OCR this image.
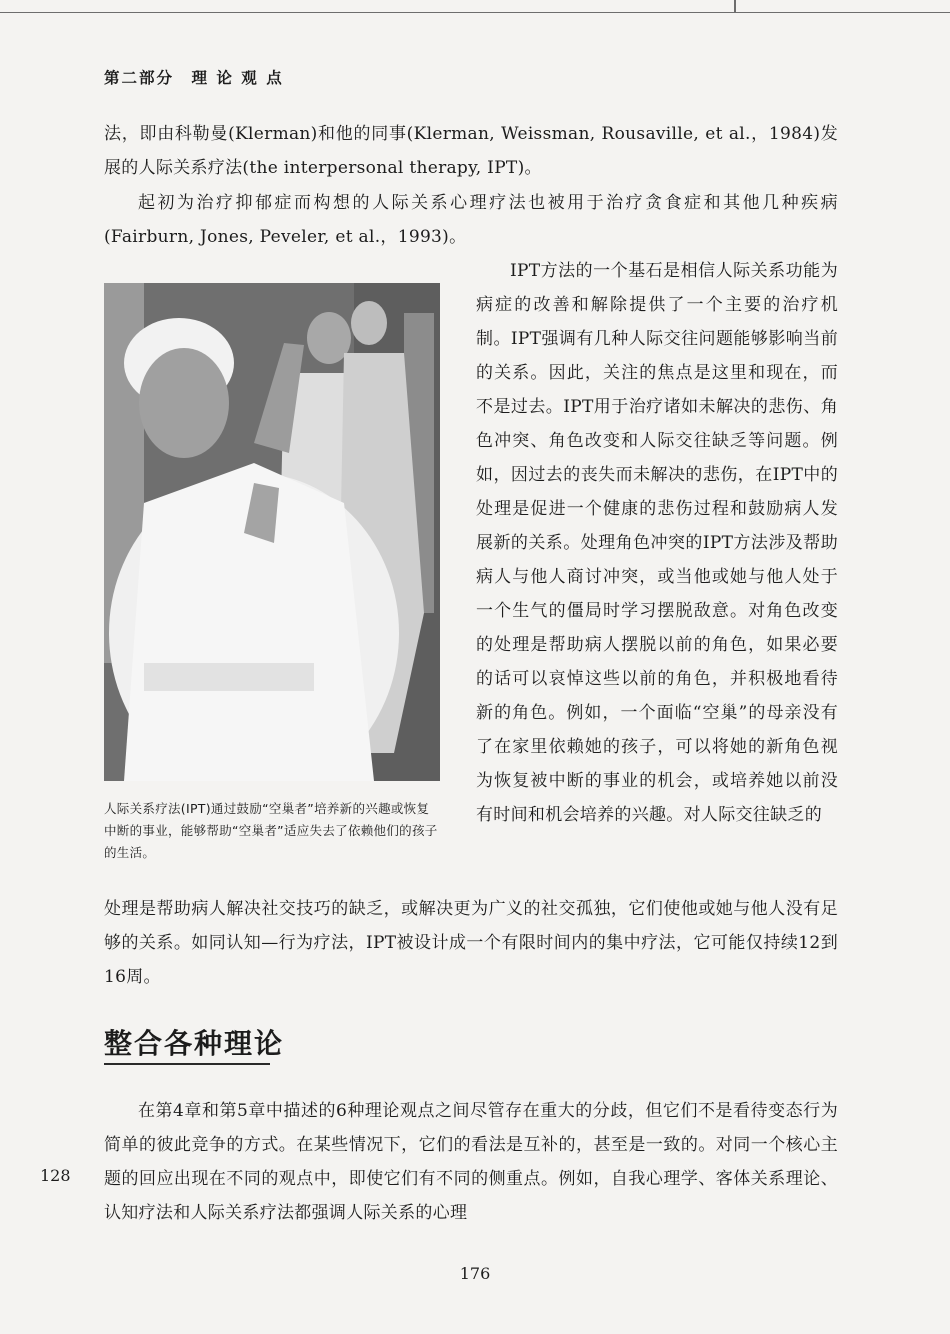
第二部分　理 论 观 点

法，即由科勒曼(Klerman)和他的同事(Klerman, Weissman, Rousaville, et al.，1984)发展的人际关系疗法(the interpersonal therapy, IPT)。

起初为治疗抑郁症而构想的人际关系心理疗法也被用于治疗贪食症和其他几种疾病(Fairburn, Jones, Peveler, et al.，1993)。

人际关系疗法(IPT)通过鼓励“空巢者”培养新的兴趣或恢复中断的事业，能够帮助“空巢者”适应失去了依赖他们的孩子的生活。

IPT方法的一个基石是相信人际关系功能为病症的改善和解除提供了一个主要的治疗机制。IPT强调有几种人际交往问题能够影响当前的关系。因此，关注的焦点是这里和现在，而不是过去。IPT用于治疗诸如未解决的悲伤、角色冲突、角色改变和人际交往缺乏等问题。例如，因过去的丧失而未解决的悲伤，在IPT中的处理是促进一个健康的悲伤过程和鼓励病人发展新的关系。处理角色冲突的IPT方法涉及帮助病人与他人商讨冲突，或当他或她与他人处于一个生气的僵局时学习摆脱敌意。对角色改变的处理是帮助病人摆脱以前的角色，如果必要的话可以哀悼这些以前的角色，并积极地看待新的角色。例如，一个面临“空巢”的母亲没有了在家里依赖她的孩子，可以将她的新角色视为恢复被中断的事业的机会，或培养她以前没有时间和机会培养的兴趣。对人际交往缺乏的

处理是帮助病人解决社交技巧的缺乏，或解决更为广义的社交孤独，它们使他或她与他人没有足够的关系。如同认知—行为疗法，IPT被设计成一个有限时间内的集中疗法，它可能仅持续12到16周。

整合各种理论

在第4章和第5章中描述的6种理论观点之间尽管存在重大的分歧，但它们不是看待变态行为简单的彼此竞争的方式。在某些情况下，它们的看法是互补的，甚至是一致的。对同一个核心主题的回应出现在不同的观点中，即使它们有不同的侧重点。例如，自我心理学、客体关系理论、认知疗法和人际关系疗法都强调人际关系的心理

128
176
